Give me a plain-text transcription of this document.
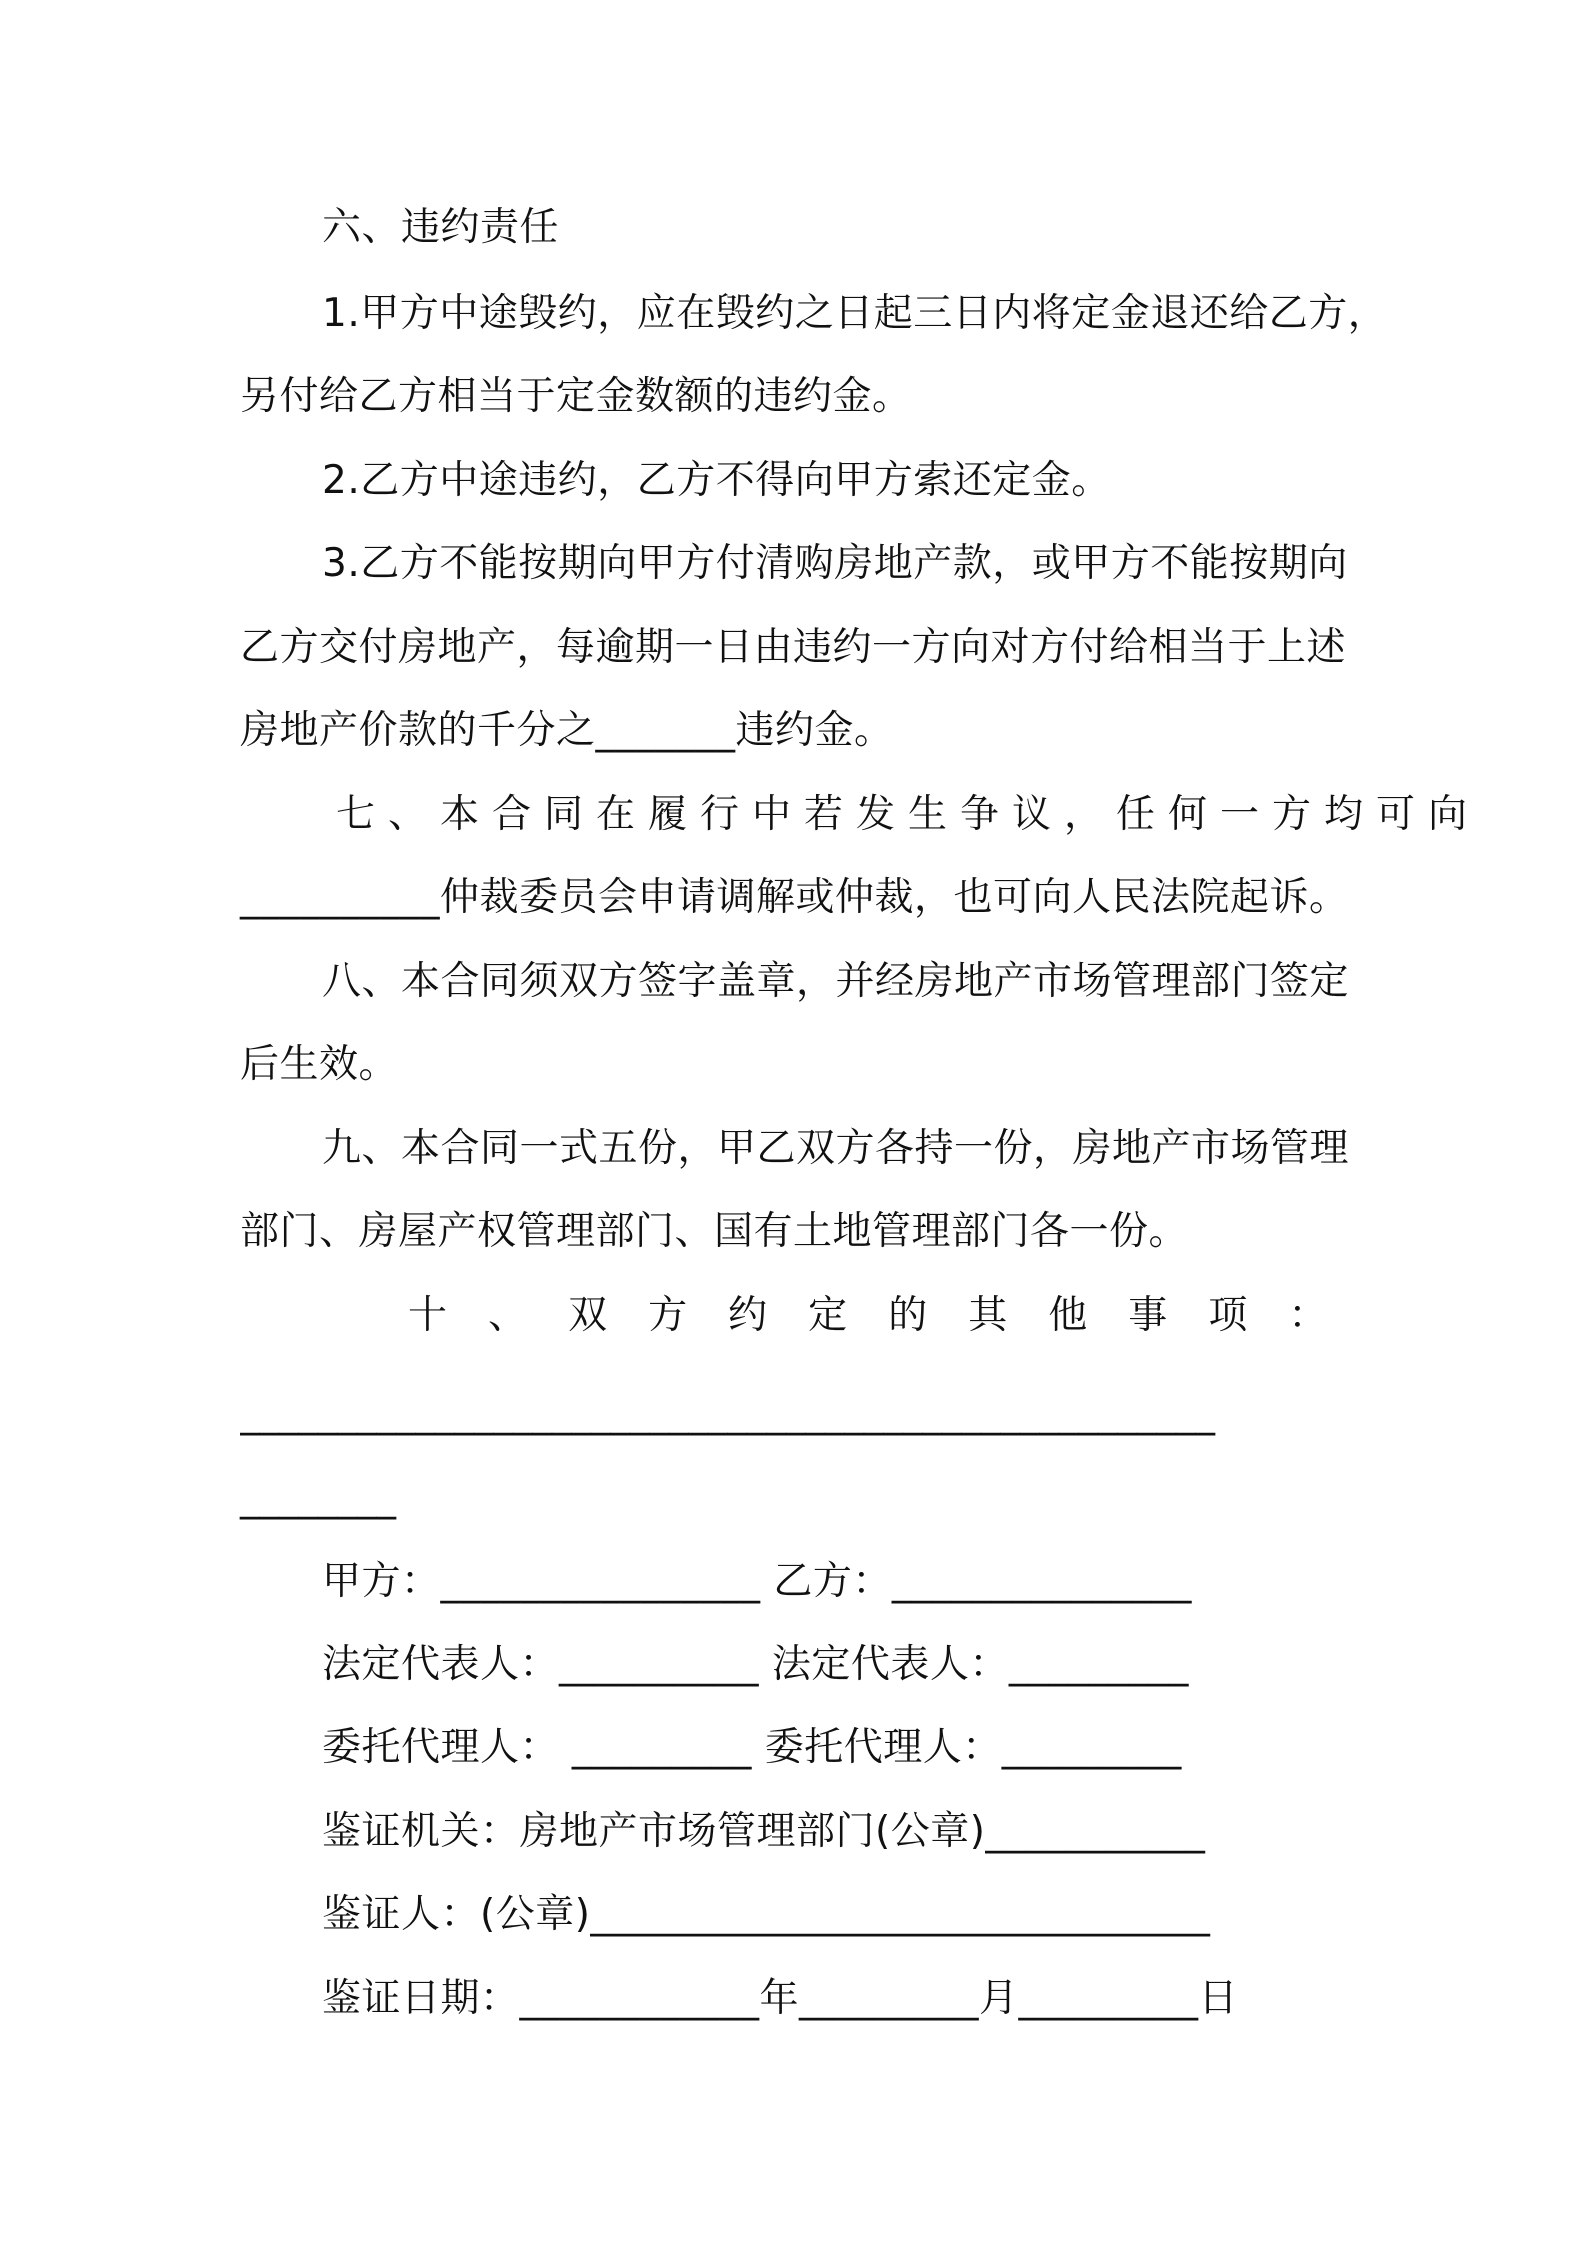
六、违约责任
1.甲方中途毁约，应在毁约之日起三日内将定金退还给乙方，
另付给乙方相当于定金数额的违约金。
2.乙方中途违约，乙方不得向甲方索还定金。
3.乙方不能按期向甲方付清购房地产款，或甲方不能按期向
乙方交付房地产，每逾期一日由违约一方向对方付给相当于上述
房地产价款的千分之_______违约金。
七、本合同在履行中若发生争议，任何一方均可向
__________仲裁委员会申请调解或仲裁，也可向人民法院起诉。
八、本合同须双方签字盖章，并经房地产市场管理部门签定
后生效。
九、本合同一式五份，甲乙双方各持一份，房地产市场管理
部门、房屋产权管理部门、国有土地管理部门各一份。
十 、 双 方 约 定 的 其 他 事 项 ：
__________________________________________________
________
甲方：________________ 乙方：_______________
法定代表人：__________ 法定代表人：_________
委托代理人： _________ 委托代理人：_________
鉴证机关：房地产市场管理部门(公章)___________
鉴证人：(公章)_______________________________
鉴证日期：____________年_________月_________日
